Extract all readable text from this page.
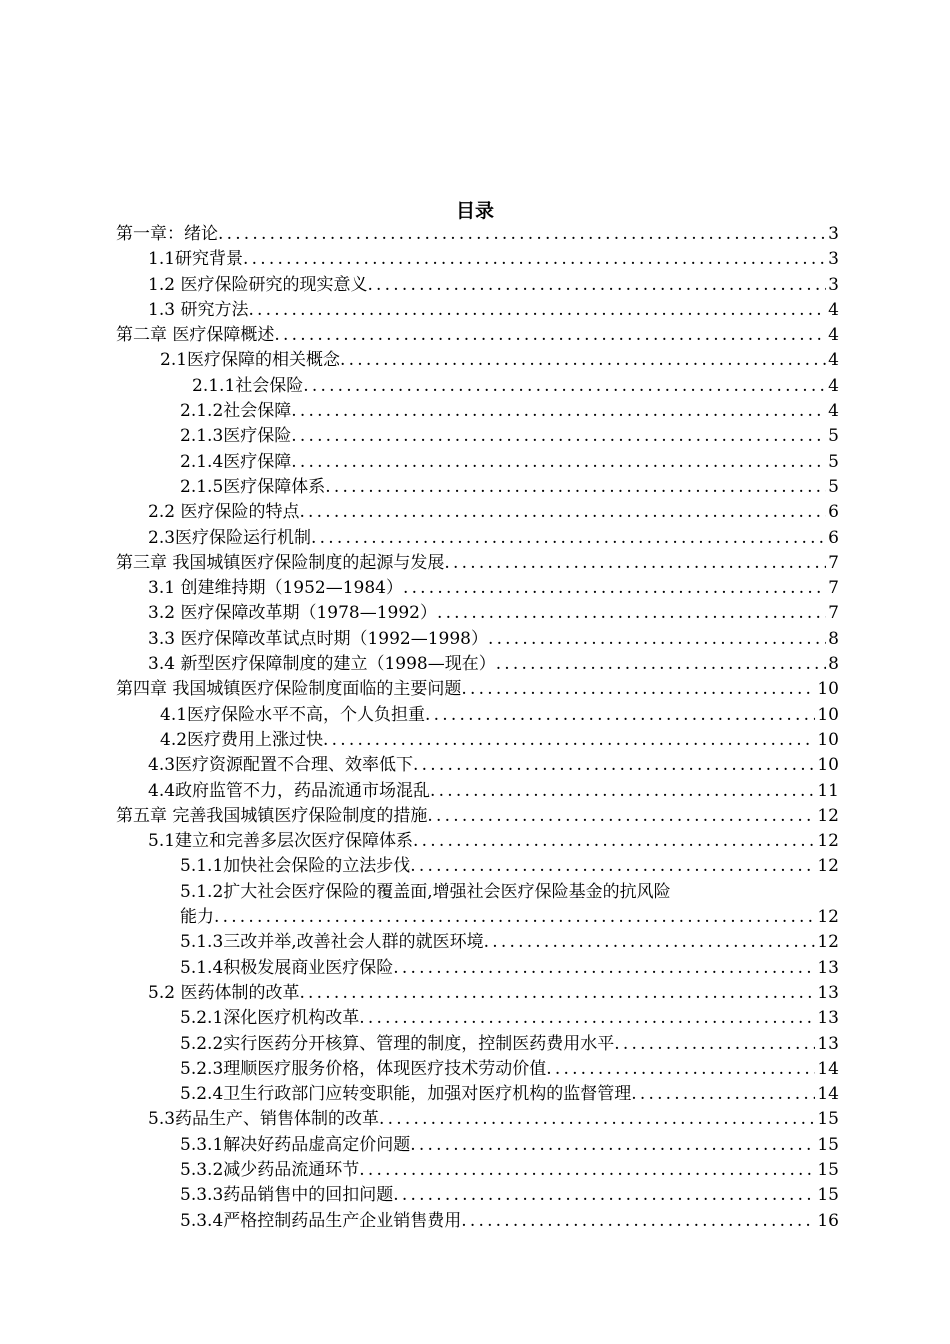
目录
第一章：绪论 .....	3
1.1研究背景 .....	3
1.2 医疗保险研究的现实意义 .....	3
1.3 研究方法 .....	4
第二章 医疗保障概述 .....	4
2.1医疗保障的相关概念 .....	4
2.1.1社会保险 .....	4
2.1.2社会保障 .....	4
2.1.3医疗保险 .....	5
2.1.4医疗保障 .....	5
2.1.5医疗保障体系 .....	5
2.2 医疗保险的特点 .....	6
2.3医疗保险运行机制 .....	6
第三章 我国城镇医疗保险制度的起源与发展 .....	7
3.1 创建维持期（1952—1984） .....	7
3.2 医疗保障改革期（1978—1992） .....	7
3.3 医疗保障改革试点时期（1992—1998） .....	8
3.4 新型医疗保障制度的建立（1998—现在） .....	8
第四章 我国城镇医疗保险制度面临的主要问题 .....	10
4.1医疗保险水平不高，个人负担重 .....	10
4.2医疗费用上涨过快 .....	10
4.3医疗资源配置不合理、效率低下 .....	10
4.4政府监管不力，药品流通市场混乱 .....	11
第五章 完善我国城镇医疗保险制度的措施 .....	12
5.1建立和完善多层次医疗保障体系 .....	12
5.1.1加快社会保险的立法步伐 .....	12
5.1.2扩大社会医疗保险的覆盖面,增强社会医疗保险基金的抗风险
能力 .....	12
5.1.3三改并举,改善社会人群的就医环境 .....	12
5.1.4积极发展商业医疗保险 .....	13
5.2 医药体制的改革 .....	13
5.2.1深化医疗机构改革 .....	13
5.2.2实行医药分开核算、管理的制度，控制医药费用水平 .....	13
5.2.3理顺医疗服务价格，体现医疗技术劳动价值 .....	14
5.2.4卫生行政部门应转变职能，加强对医疗机构的监督管理 .....	14
5.3药品生产、销售体制的改革 .....	15
5.3.1解决好药品虚高定价问题 .....	15
5.3.2减少药品流通环节 .....	15
5.3.3药品销售中的回扣问题 .....	15
5.3.4严格控制药品生产企业销售费用 .....	16
